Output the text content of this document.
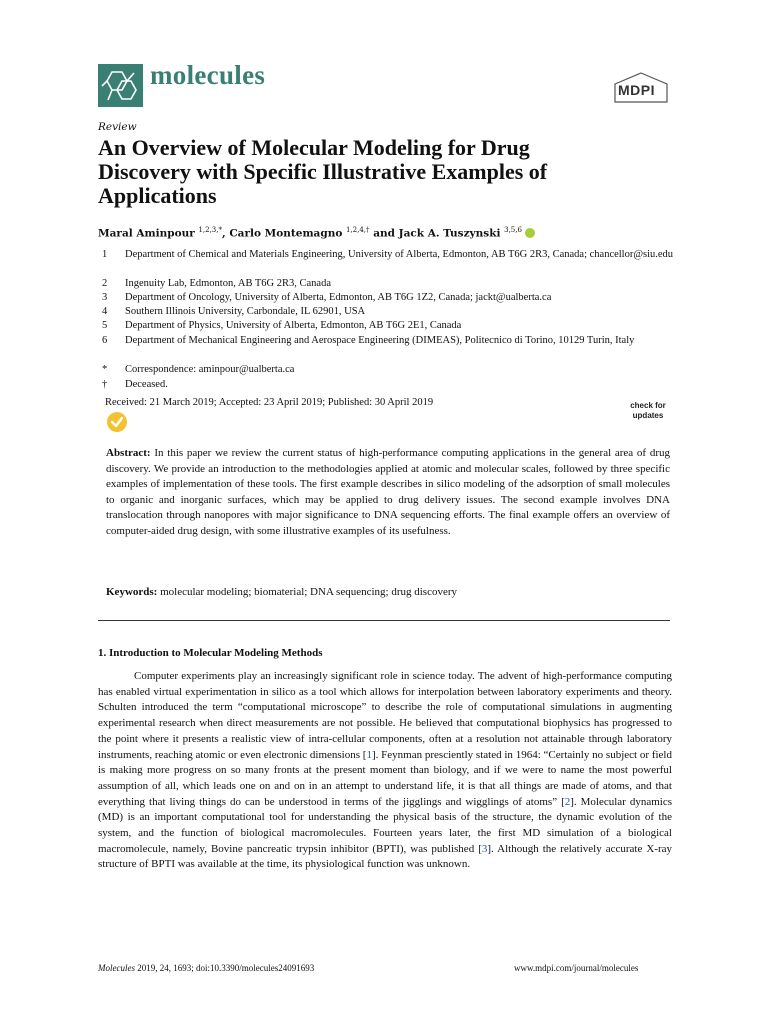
molecules	MDPI
Review
An Overview of Molecular Modeling for Drug Discovery with Specific Illustrative Examples of Applications
Maral Aminpour $^{1,2,3,*}$, Carlo Montemagno $^{1,2,4,\dagger}$ and Jack A. Tuszynski $^{3,5,6}$
1 Department of Chemical and Materials Engineering, University of Alberta, Edmonton, AB T6G 2R3, Canada; chancellor@siu.edu
2 Ingenuity Lab, Edmonton, AB T6G 2R3, Canada
3 Department of Oncology, University of Alberta, Edmonton, AB T6G 1Z2, Canada; jackt@ualberta.ca
4 Southern Illinois University, Carbondale, IL 62901, USA
5 Department of Physics, University of Alberta, Edmonton, AB T6G 2E1, Canada
6 Department of Mechanical Engineering and Aerospace Engineering (DIMEAS), Politecnico di Torino, 10129 Turin, Italy
* Correspondence: aminpour@ualberta.ca
† Deceased.
Received: 21 March 2019; Accepted: 23 April 2019; Published: 30 April 2019	check for
updates
Abstract: In this paper we review the current status of high-performance computing applications in the general area of drug discovery. We provide an introduction to the methodologies applied at atomic and molecular scales, followed by three specific examples of implementation of these tools. The first example describes in silico modeling of the adsorption of small molecules to organic and inorganic surfaces, which may be applied to drug delivery issues. The second example involves DNA translocation through nanopores with major significance to DNA sequencing efforts. The final example offers an overview of computer-aided drug design, with some illustrative examples of its usefulness.
Keywords: molecular modeling; biomaterial; DNA sequencing; drug discovery
1. Introduction to Molecular Modeling Methods
Computer experiments play an increasingly significant role in science today. The advent of high-performance computing has enabled virtual experimentation in silico as a tool which allows for interpolation between laboratory experiments and theory. Schulten introduced the term “computational microscope” to describe the role of computational simulations in augmenting experimental research when direct measurements are not possible. He believed that computational biophysics has progressed to the point where it presents a realistic view of intra-cellular components, often at a resolution not attainable through laboratory instruments, reaching atomic or even electronic dimensions [1]. Feynman presciently stated in 1964: “Certainly no subject or field is making more progress on so many fronts at the present moment than biology, and if we were to name the most powerful assumption of all, which leads one on and on in an attempt to understand life, it is that all things are made of atoms, and that everything that living things do can be understood in terms of the jigglings and wigglings of atoms” [2]. Molecular dynamics (MD) is an important computational tool for understanding the physical basis of the structure, the dynamic evolution of the system, and the function of biological macromolecules. Fourteen years later, the first MD simulation of a biological macromolecule, namely, Bovine pancreatic trypsin inhibitor (BPTI), was published [3]. Although the relatively accurate X-ray structure of BPTI was available at the time, its physiological function was unknown.
Molecules 2019, 24, 1693; doi:10.3390/molecules24091693	www.mdpi.com/journal/molecules
